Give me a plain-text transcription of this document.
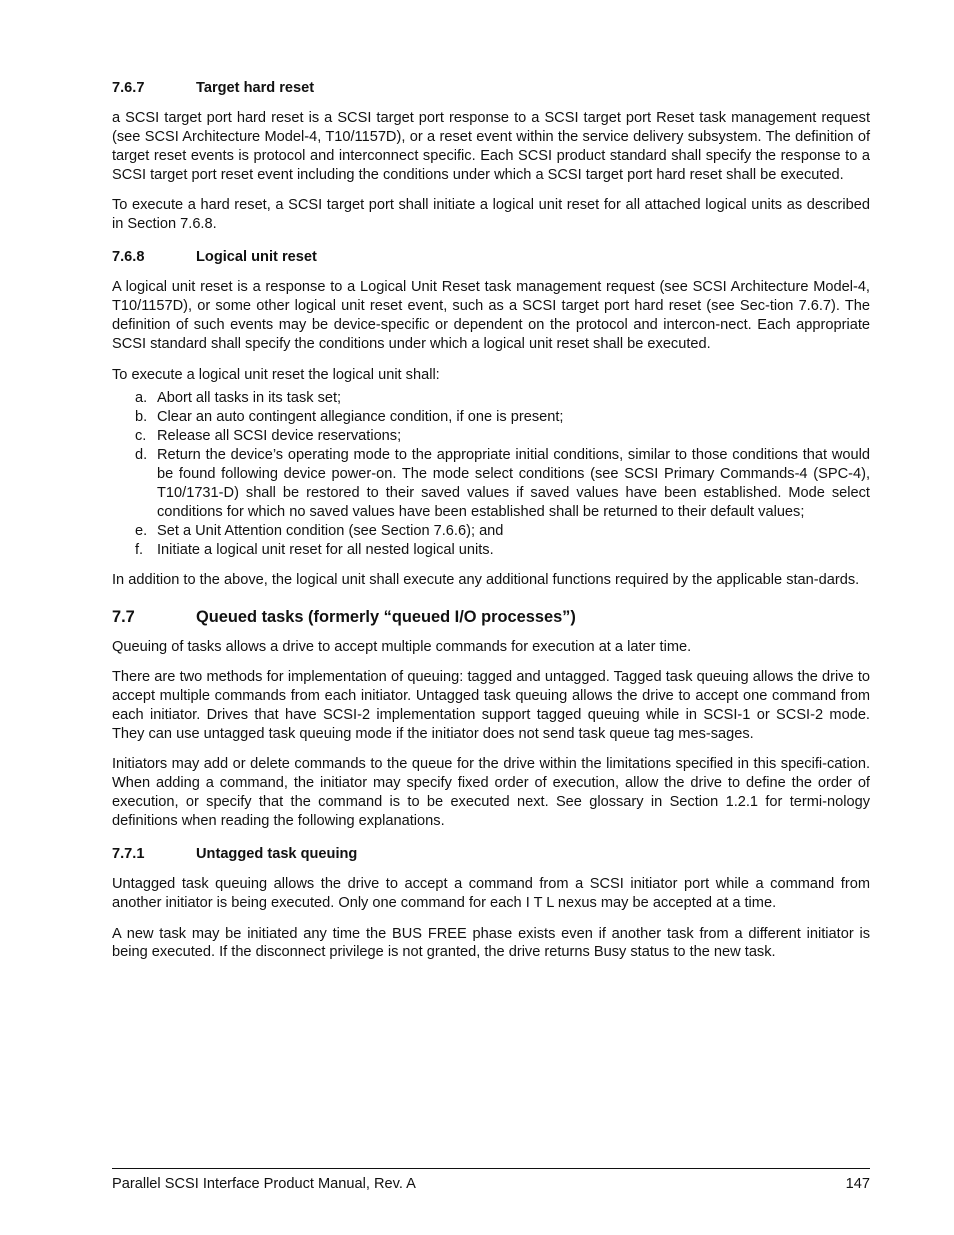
7.6.7	Target hard reset

a SCSI target port hard reset is a SCSI target port response to a SCSI target port Reset task management request (see SCSI Architecture Model-4, T10/1157D), or a reset event within the service delivery subsystem. The definition of target reset events is protocol and interconnect specific. Each SCSI product standard shall specify the response to a SCSI target port reset event including the conditions under which a SCSI target port hard reset shall be executed.

To execute a hard reset, a SCSI target port shall initiate a logical unit reset for all attached logical units as described in Section 7.6.8.

7.6.8	Logical unit reset

A logical unit reset is a response to a Logical Unit Reset task management request (see SCSI Architecture Model-4, T10/1157D), or some other logical unit reset event, such as a SCSI target port hard reset (see Sec-tion 7.6.7). The definition of such events may be device-specific or dependent on the protocol and intercon-nect. Each appropriate SCSI standard shall specify the conditions under which a logical unit reset shall be executed.

To execute a logical unit reset the logical unit shall:

a. Abort all tasks in its task set;
b. Clear an auto contingent allegiance condition, if one is present;
c. Release all SCSI device reservations;
d. Return the device’s operating mode to the appropriate initial conditions, similar to those conditions that would be found following device power-on. The mode select conditions (see SCSI Primary Commands-4 (SPC-4), T10/1731-D) shall be restored to their saved values if saved values have been established. Mode select conditions for which no saved values have been established shall be returned to their default values;
e. Set a Unit Attention condition (see Section 7.6.6); and
f. Initiate a logical unit reset for all nested logical units.

In addition to the above, the logical unit shall execute any additional functions required by the applicable stan-dards.

7.7	Queued tasks (formerly “queued I/O processes”)

Queuing of tasks allows a drive to accept multiple commands for execution at a later time.

There are two methods for implementation of queuing: tagged and untagged. Tagged task queuing allows the drive to accept multiple commands from each initiator. Untagged task queuing allows the drive to accept one command from each initiator. Drives that have SCSI-2 implementation support tagged queuing while in SCSI-1 or SCSI-2 mode. They can use untagged task queuing mode if the initiator does not send task queue tag mes-sages.

Initiators may add or delete commands to the queue for the drive within the limitations specified in this specifi-cation. When adding a command, the initiator may specify fixed order of execution, allow the drive to define the order of execution, or specify that the command is to be executed next. See glossary in Section 1.2.1 for termi-nology definitions when reading the following explanations.

7.7.1	Untagged task queuing

Untagged task queuing allows the drive to accept a command from a SCSI initiator port while a command from another initiator is being executed. Only one command for each I T L nexus may be accepted at a time.

A new task may be initiated any time the BUS FREE phase exists even if another task from a different initiator is being executed. If the disconnect privilege is not granted, the drive returns Busy status to the new task.

Parallel SCSI Interface Product Manual, Rev. A	147
